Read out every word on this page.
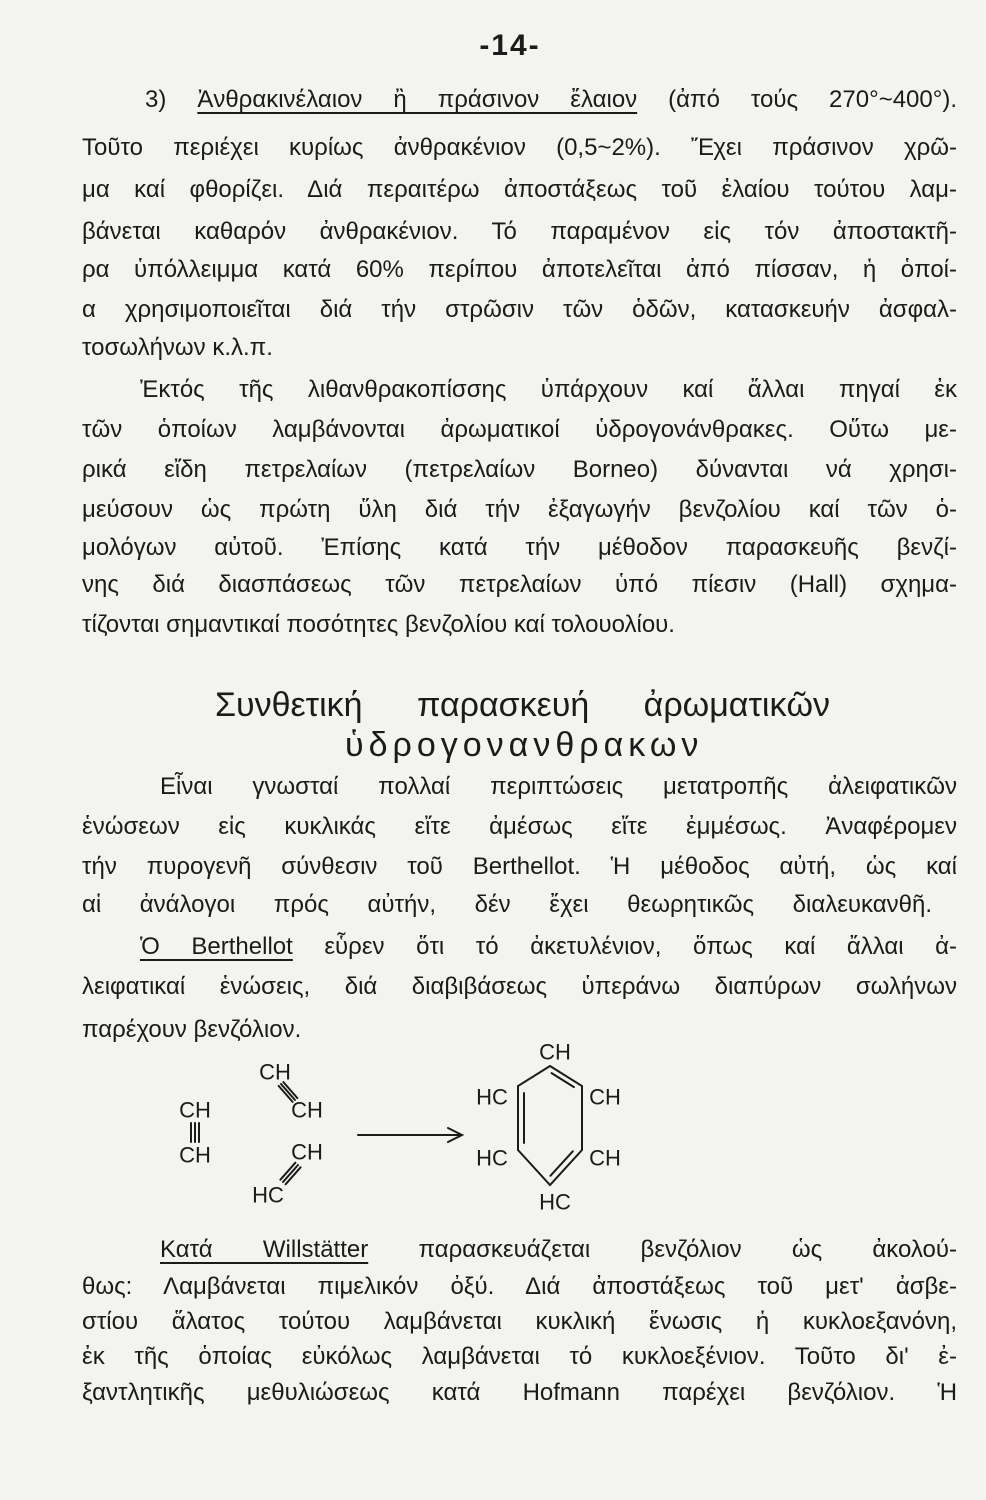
-14-
3) Ἀνθρακινέλαιον ἢ πράσινον ἔλαιον (ἀπό τούς 270°~400°).
Τοῦτο περιέχει κυρίως ἀνθρακένιον (0,5~2%). Ἔχει πράσινον χρῶ-
μα καί φθορίζει. Διά περαιτέρω ἀποστάξεως τοῦ ἐλαίου τούτου λαμ-
βάνεται καθαρόν ἀνθρακένιον. Τό παραμένον εἰς τόν ἀποστακτῆ-
ρα ὑπόλλειμμα κατά 60% περίπου ἀποτελεῖται ἀπό πίσσαν, ἡ ὁποί-
α χρησιμοποιεῖται διά τήν στρῶσιν τῶν ὁδῶν, κατασκευήν ἀσφαλ-
τοσωλήνων κ.λ.π.
Ἐκτός τῆς λιθανθρακοπίσσης ὑπάρχουν καί ἄλλαι πηγαί ἐκ
τῶν ὁποίων λαμβάνονται ἀρωματικοί ὑδρογονάνθρακες. Οὕτω με-
ρικά εἴδη πετρελαίων (πετρελαίων Borneo) δύνανται νά χρησι-
μεύσουν ὡς πρώτη ὕλη διά τήν ἐξαγωγήν βενζολίου καί τῶν ὁ-
μολόγων αὐτοῦ. Ἐπίσης κατά τήν μέθοδον παρασκευῆς βενζί-
νης διά διασπάσεως τῶν πετρελαίων ὑπό πίεσιν (Hall) σχημα-
τίζονται σημαντικαί ποσότητες βενζολίου καί τολουολίου.
Συνθετική παρασκευή ἀρωματικῶν
ὑδρογονανθρακων
Εἶναι γνωσταί πολλαί περιπτώσεις μετατροπῆς ἀλειφατικῶν
ἑνώσεων εἰς κυκλικάς εἴτε ἀμέσως εἴτε ἐμμέσως. Ἀναφέρομεν
τήν πυρογενῆ σύνθεσιν τοῦ Berthellot. Ἡ μέθοδος αὐτή, ὡς καί
αἱ ἀνάλογοι πρός αὐτήν, δέν ἔχει θεωρητικῶς διαλευκανθῆ.
Ὁ Berthellot εὗρεν ὅτι τό ἀκετυλένιον, ὅπως καί ἄλλαι ἀ-
λειφατικαί ἑνώσεις, διά διαβιβάσεως ὑπεράνω διαπύρων σωλήνων
παρέχουν βενζόλιον.
CH
CH
CH
CH	CH
HC
CH
HC	CH
HC	CH
HC
Κατά Willstätter παρασκευάζεται βενζόλιον ὡς ἀκολού-
θως: Λαμβάνεται πιμελικόν ὀξύ. Διά ἀποστάξεως τοῦ μετ' ἀσβε-
στίου ἅλατος τούτου λαμβάνεται κυκλική ἕνωσις ἡ κυκλοεξανόνη,
ἐκ τῆς ὁποίας εὐκόλως λαμβάνεται τό κυκλοεξένιον. Τοῦτο δι' ἐ-
ξαντλητικῆς μεθυλιώσεως κατά Hofmann παρέχει βενζόλιον. Ἡ
